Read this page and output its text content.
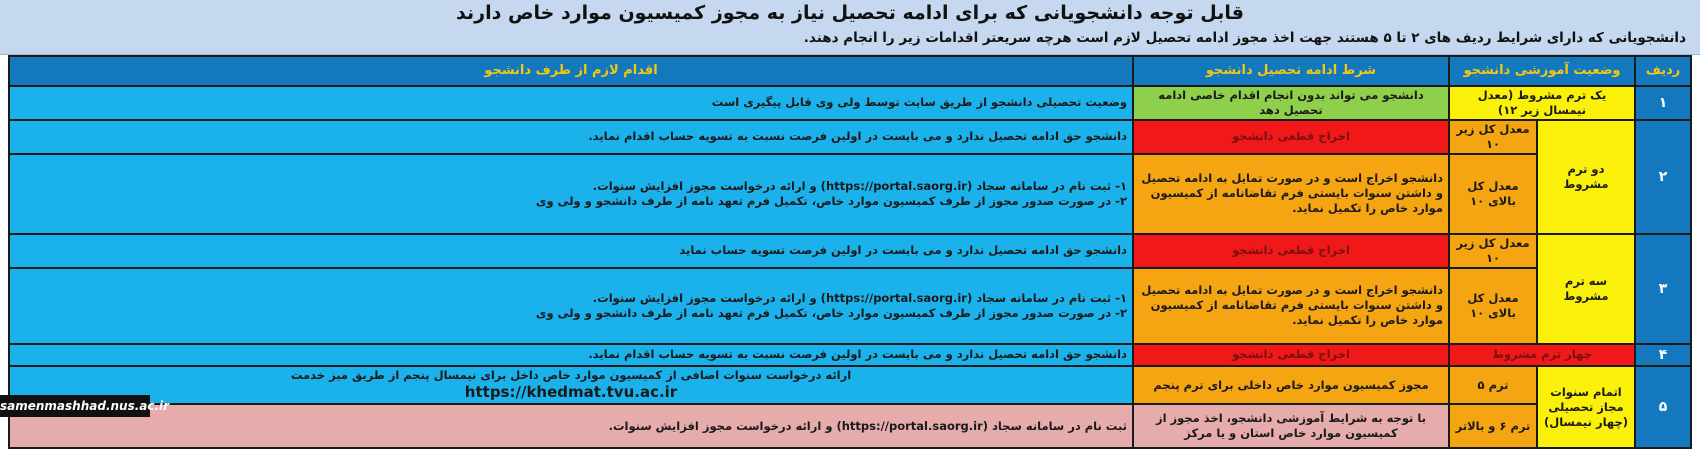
قابل توجه دانشجویانی که برای ادامه تحصیل نیاز به مجوز کمیسیون موارد خاص دارند
دانشجویانی که دارای شرایط ردیف های ۲ تا ۵ هستند جهت اخذ مجوز ادامه تحصیل لازم است هرچه سریعتر اقدامات زیر را انجام دهند.
ردیف	وضعیت آموزشی دانشجو		شرط ادامه تحصیل دانشجو	اقدام لازم از طرف دانشجو
۱	یک ترم مشروط (معدل نیمسال زیر ۱۲)		دانشجو می تواند بدون انجام اقدام خاصی ادامه تحصیل دهد	وضعیت تحصیلی دانشجو از طریق سایت توسط ولی وی قابل پیگیری است
۲	دو ترم مشروط	معدل کل زیر ۱۰	اخراج قطعی دانشجو	دانشجو حق ادامه تحصیل ندارد و می بایست در اولین فرصت نسبت به تسویه حساب اقدام نماید.
		معدل کل بالای ۱۰	دانشجو اخراج است و در صورت تمایل به ادامه تحصیل و داشتن سنوات بایستی فرم تقاضانامه از کمیسیون موارد خاص را تکمیل نماید.	۱- ثبت نام در سامانه سجاد (https://portal.saorg.ir) و ارائه درخواست مجوز افزایش سنوات.
۲- در صورت صدور مجوز از طرف کمیسیون موارد خاص، تکمیل فرم تعهد نامه از طرف دانشجو و ولی وی

۳	سه ترم مشروط	معدل کل زیر ۱۰	اخراج قطعی دانشجو	دانشجو حق ادامه تحصیل ندارد و می بایست در اولین فرصت تسویه حساب نماید
		معدل کل بالای ۱۰	دانشجو اخراج است و در صورت تمایل به ادامه تحصیل و داشتن سنوات بایستی فرم تقاضانامه از کمیسیون موارد خاص را تکمیل نماید.	۱- ثبت نام در سامانه سجاد (https://portal.saorg.ir) و ارائه درخواست مجوز افزایش سنوات.
۲- در صورت صدور مجوز از طرف کمیسیون موارد خاص، تکمیل فرم تعهد نامه از طرف دانشجو و ولی وی

۴	چهار ترم مشروط		اخراج قطعی دانشجو	دانشجو حق ادامه تحصیل ندارد و می بایست در اولین فرصت نسبت به تسویه حساب اقدام نماید.
۵	اتمام سنوات مجاز تحصیلی (چهار نیمسال)	ترم ۵	مجوز کمیسیون موارد خاص داخلی برای ترم پنجم	ارائه درخواست سنوات اضافی از کمیسیون موارد خاص داخل برای نیمسال پنجم از طریق میز خدمت
https://khedmat.tvu.ac.ir

		ترم ۶ و بالاتر	با توجه به شرایط آموزشی دانشجو، اخذ مجوز از کمیسیون موارد خاص استان و یا مرکز	ثبت نام در سامانه سجاد (https://portal.saorg.ir) و ارائه درخواست مجوز افزایش سنوات.
samenmashhad.nus.ac.ir
